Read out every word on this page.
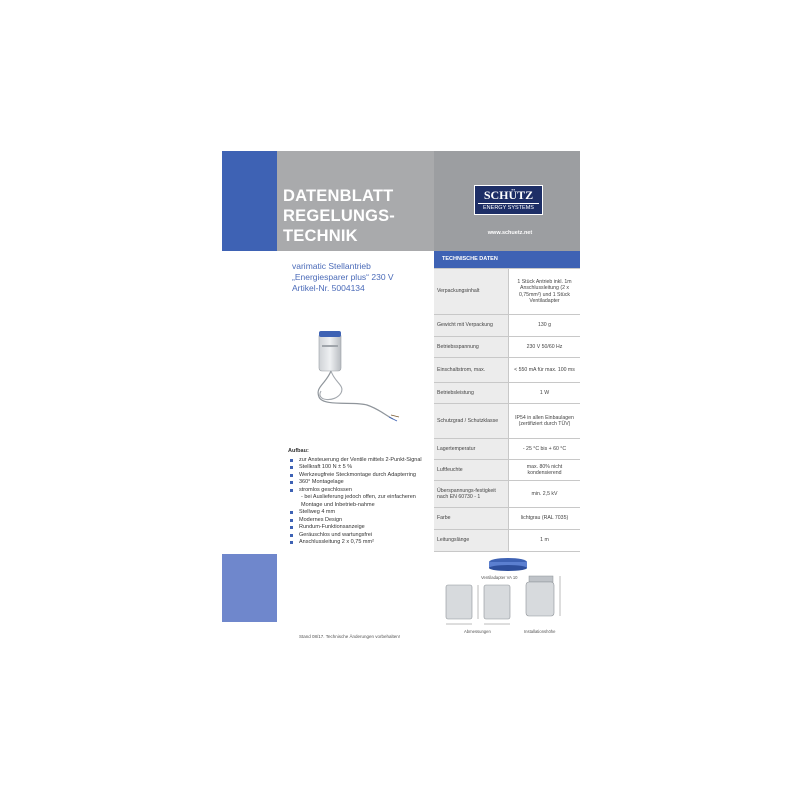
DATENBLATT
REGELUNGS-
TECHNIK
SCHÜTZ
ENERGY SYSTEMS
www.schuetz.net
varimatic Stellantrieb
„Energiesparer plus“ 230 V
Artikel-Nr. 5004134
Aufbau:
zur Ansteuerung der Ventile mittels 2-Punkt-Signal
Stellkraft 100 N ± 5 %
Werkzeugfreie Steckmontage durch Adapterring
360° Montagelage
stromlos geschlossen
- bei Auslieferung jedoch offen, zur einfacheren Montage und Inbetrieb-nahme
Stellweg 4 mm
Modernes Design
Rundum-Funktionsanzeige
Geräuschlos und wartungsfrei
Anschlussleitung 2 x 0,75 mm²
Stand 08/17. Technische Änderungen vorbehalten!
TECHNISCHE DATEN
Verpackungsinhalt	1 Stück Antrieb inkl. 1m Anschlussleitung (2 x 0,75mm²) und 1 Stück Ventiladapter
Gewicht mit Verpackung	130 g
Betriebsspannung	230 V 50/60 Hz
Einschaltstrom, max.	< 550 mA für max. 100 ms
Betriebsleistung	1 W
Schutzgrad / Schutzklasse	IP54 in allen Einbaulagen (zertifiziert durch TÜV)
Lagertemperatur	- 25 °C bis + 60 °C
Luftfeuchte	max. 80% nicht kondensierend
Überspannungs-festigkeit nach EN 60730 - 1	min. 2,5 kV
Farbe	lichtgrau (RAL 7035)
Leitungslänge	1 m
Ventiladapter VA 10
Abmessungen	Installationshöhe
